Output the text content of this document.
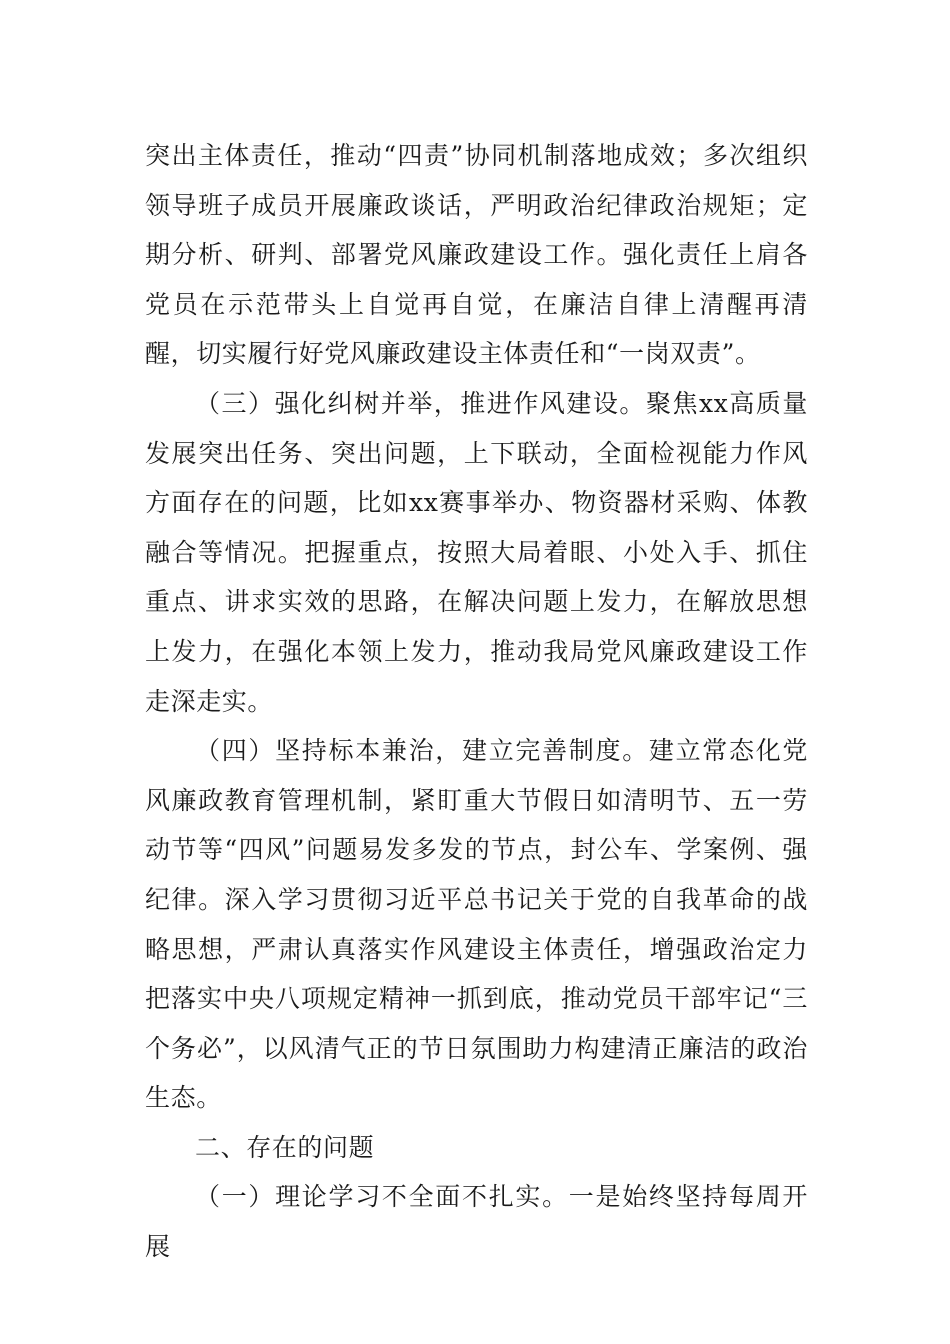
突出主体责任，推动“四责”协同机制落地成效；多次组织领导班子成员开展廉政谈话，严明政治纪律政治规矩；定期分析、研判、部署党风廉政建设工作。强化责任上肩各党员在示范带头上自觉再自觉，在廉洁自律上清醒再清醒，切实履行好党风廉政建设主体责任和“一岗双责”。

（三）强化纠树并举，推进作风建设。聚焦xx高质量发展突出任务、突出问题，上下联动，全面检视能力作风方面存在的问题，比如xx赛事举办、物资器材采购、体教融合等情况。把握重点，按照大局着眼、小处入手、抓住重点、讲求实效的思路，在解决问题上发力，在解放思想上发力，在强化本领上发力，推动我局党风廉政建设工作走深走实。

（四）坚持标本兼治，建立完善制度。建立常态化党风廉政教育管理机制，紧盯重大节假日如清明节、五一劳动节等“四风”问题易发多发的节点，封公车、学案例、强纪律。深入学习贯彻习近平总书记关于党的自我革命的战略思想，严肃认真落实作风建设主体责任，增强政治定力把落实中央八项规定精神一抓到底，推动党员干部牢记“三个务必”，以风清气正的节日氛围助力构建清正廉洁的政治生态。

二、存在的问题

（一）理论学习不全面不扎实。一是始终坚持每周开展
